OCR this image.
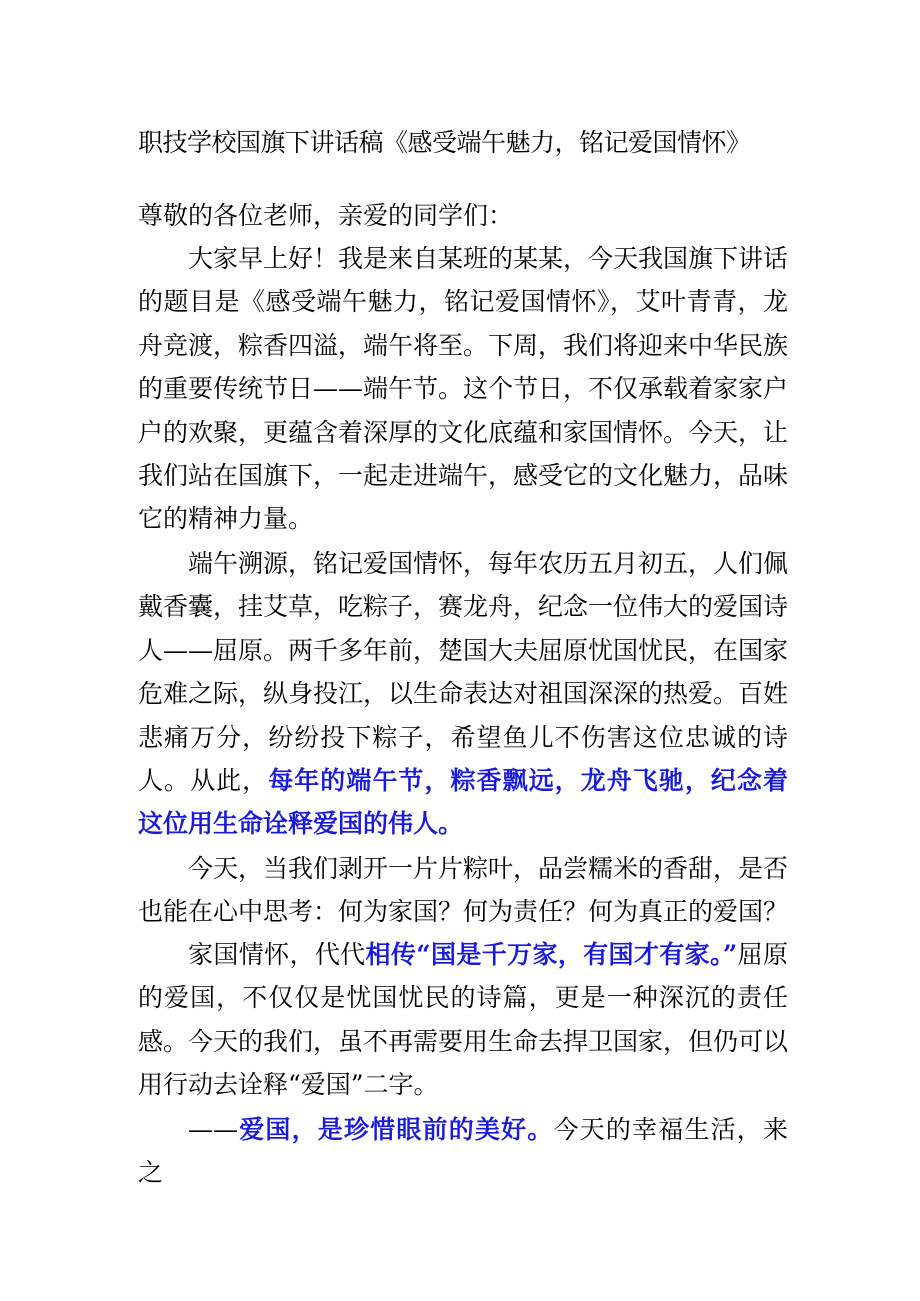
职技学校国旗下讲话稿《感受端午魅力，铭记爱国情怀》

尊敬的各位老师，亲爱的同学们：

大家早上好！我是来自某班的某某，今天我国旗下讲话的题目是《感受端午魅力，铭记爱国情怀》，艾叶青青，龙舟竞渡，粽香四溢，端午将至。下周，我们将迎来中华民族的重要传统节日——端午节。这个节日，不仅承载着家家户户的欢聚，更蕴含着深厚的文化底蕴和家国情怀。今天，让我们站在国旗下，一起走进端午，感受它的文化魅力，品味它的精神力量。

端午溯源，铭记爱国情怀，每年农历五月初五，人们佩戴香囊，挂艾草，吃粽子，赛龙舟，纪念一位伟大的爱国诗人——屈原。两千多年前，楚国大夫屈原忧国忧民，在国家危难之际，纵身投江，以生命表达对祖国深深的热爱。百姓悲痛万分，纷纷投下粽子，希望鱼儿不伤害这位忠诚的诗人。从此，每年的端午节，粽香飘远，龙舟飞驰，纪念着这位用生命诠释爱国的伟人。

今天，当我们剥开一片片粽叶，品尝糯米的香甜，是否也能在心中思考：何为家国？何为责任？何为真正的爱国？

家国情怀，代代相传“国是千万家，有国才有家。”屈原的爱国，不仅仅是忧国忧民的诗篇，更是一种深沉的责任感。今天的我们，虽不再需要用生命去捍卫国家，但仍可以用行动去诠释“爱国”二字。

——爱国，是珍惜眼前的美好。今天的幸福生活，来之
